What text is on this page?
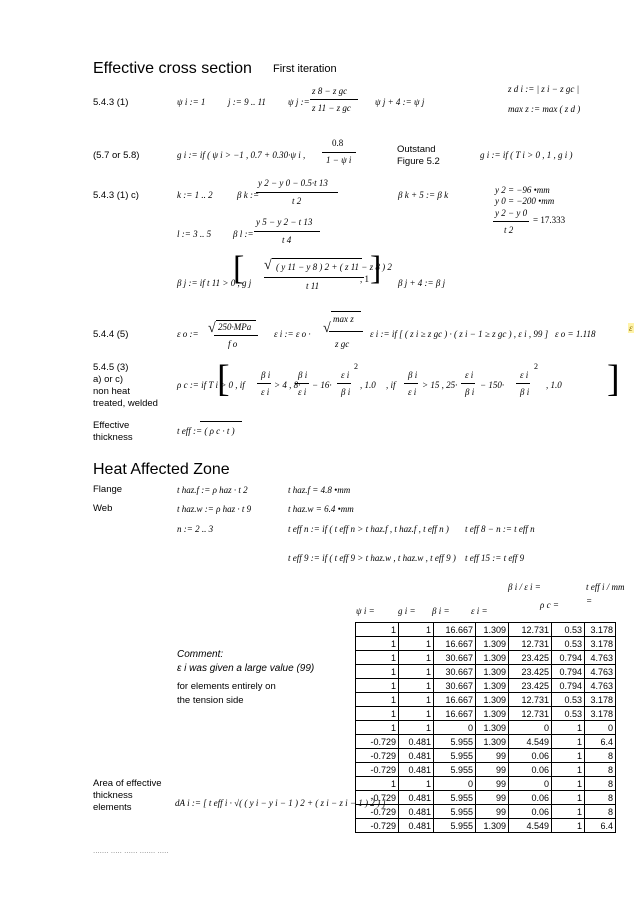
Effective cross section First iteration
5.4.3 (1)	ψ i := 1	j := 9 .. 11 ψ j :=
z 8 − z gc
z 11 − z gc
ψ j + 4 := ψ j
z d i := | z i − z gc |
max z := max ( z d )
(5.7 or 5.8)	g i := if ( ψ i > −1 , 0.7 + 0.30·ψ i ,
0.8
1 − ψ i
Outstand
Figure 5.2
g i := if ( T i > 0 , 1 , g i )
5.4.3 (1) c)	k := 1 .. 2	β k :=
y 2 − y 0 − 0.5·t 13
t 2
β k + 5 := β k	y 2 = −96 •mm
y 0 = −200 •mm
y 2 − y 0
t 2
= 17.333
l := 3 .. 5 β l :=
y 5 − y 2 − t 13
t 4
[	]
β j := if t 11 > 0 , g j
√ ( y 11 − y 8 ) 2 + ( z 11 − z 8 ) 2
t 11
, 1	β j + 4 := β j
5.4.4 (5)	ε o := √ 250·MPa
f o
ε i := ε o · √
max z
z gc
ε i := if [ ( z i ≥ z gc ) · ( z i − 1 ≥ z gc ) , ε i , 99 ] ε o = 1.118
ε
5.4.5 (3)
a) or c)
non heat
treated, welded
[	]
ρ c := if T i > 0 , if
β i
ε i
> 4 , 8·
β i
ε i
− 16·
ε i
β i
2
, 1.0 , if
β i
ε i
> 15 , 25·
ε i
β i
− 150·
ε i
β i
2
, 1.0
Effective
thickness
t eff := ( ρ c · t )
Heat Affected Zone
Flange	t haz.f := ρ haz · t 2	t haz.f = 4.8 •mm
Web	t haz.w := ρ haz · t 9	t haz.w = 6.4 •mm
n := 2 .. 3	t eff n := if ( t eff n > t haz.f , t haz.f , t eff n ) t eff 8 − n := t eff n
t eff 9 := if ( t eff 9 > t haz.w , t haz.w , t eff 9 ) t eff 15 := t eff 9
ψ i =	g i = β i = ε i =
β i / ε i =
ρ c =
t eff i / mm =
1	1	16.667	1.309	12.731	0.53	3.178
1	1	16.667	1.309	12.731	0.53	3.178
1	1	30.667	1.309	23.425	0.794	4.763
1	1	30.667	1.309	23.425	0.794	4.763
1	1	30.667	1.309	23.425	0.794	4.763
1	1	16.667	1.309	12.731	0.53	3.178
1	1	16.667	1.309	12.731	0.53	3.178
1	1	0	1.309	0	1	0
-0.729	0.481	5.955	1.309	4.549	1	6.4
-0.729	0.481	5.955	99	0.06	1	8
-0.729	0.481	5.955	99	0.06	1	8
1	1	0	99	0	1	8
-0.729	0.481	5.955	99	0.06	1	8
-0.729	0.481	5.955	99	0.06	1	8
-0.729	0.481	5.955	1.309	4.549	1	6.4
Comment:
ε i was given a large value (99)
for elements entirely on
the tension side
Area of effective
thickness
elements	dA i := [ t eff i · √( ( y i − y i − 1 ) 2 + ( z i − z i − 1 ) 2 ) ]
....... ..... ...... ....... .....
